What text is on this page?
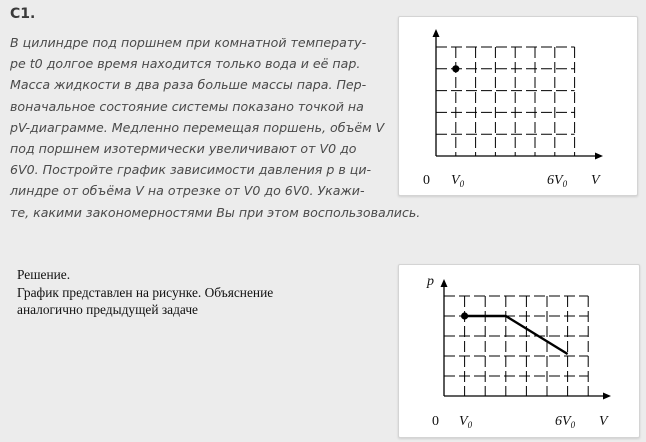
C1.
В цилиндре под поршнем при комнатной температу-
ре t0 долгое время находится только вода и её пар.
Масса жидкости в два раза больше массы пара. Пер-
воначальное состояние системы показано точкой на
pV-диаграмме. Медленно перемещая поршень, объём V
под поршнем изотермически увеличивают от V0 до
6V0. Постройте график зависимости давления p в ци-
линдре от объёма V на отрезке от V0 до 6V0. Укажи-
те, какими закономерностями Вы при этом воспользовались.
Решение.
График представлен на рисунке. Объяснение
аналогично предыдущей задаче
0 $V_0$	$6V_0$ V
p
0 $V_0$	$6V_0$ V
